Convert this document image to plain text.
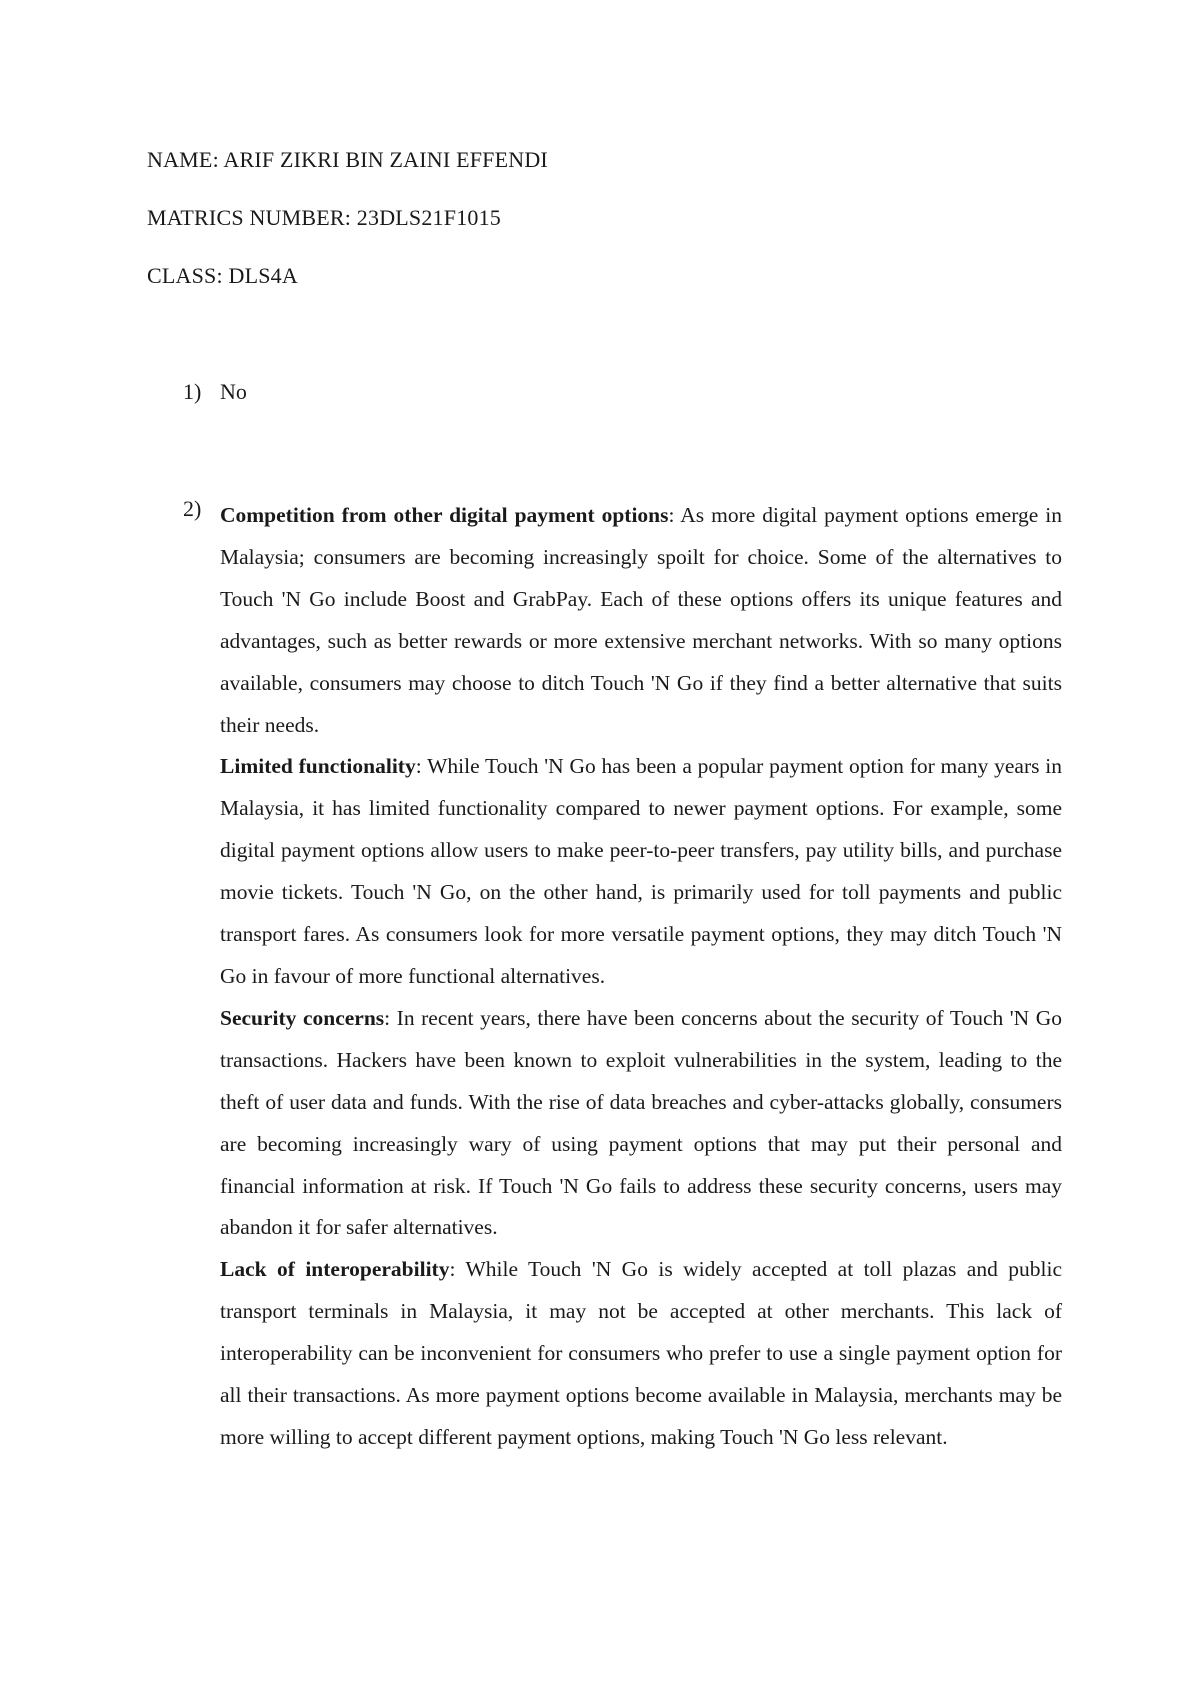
NAME: ARIF ZIKRI BIN ZAINI EFFENDI
MATRICS NUMBER: 23DLS21F1015
CLASS: DLS4A
1) No
2) Competition from other digital payment options: As more digital payment options emerge in Malaysia; consumers are becoming increasingly spoilt for choice. Some of the alternatives to Touch 'N Go include Boost and GrabPay. Each of these options offers its unique features and advantages, such as better rewards or more extensive merchant networks. With so many options available, consumers may choose to ditch Touch 'N Go if they find a better alternative that suits their needs.

Limited functionality: While Touch 'N Go has been a popular payment option for many years in Malaysia, it has limited functionality compared to newer payment options. For example, some digital payment options allow users to make peer-to-peer transfers, pay utility bills, and purchase movie tickets. Touch 'N Go, on the other hand, is primarily used for toll payments and public transport fares. As consumers look for more versatile payment options, they may ditch Touch 'N Go in favour of more functional alternatives.

Security concerns: In recent years, there have been concerns about the security of Touch 'N Go transactions. Hackers have been known to exploit vulnerabilities in the system, leading to the theft of user data and funds. With the rise of data breaches and cyber-attacks globally, consumers are becoming increasingly wary of using payment options that may put their personal and financial information at risk. If Touch 'N Go fails to address these security concerns, users may abandon it for safer alternatives.

Lack of interoperability: While Touch 'N Go is widely accepted at toll plazas and public transport terminals in Malaysia, it may not be accepted at other merchants. This lack of interoperability can be inconvenient for consumers who prefer to use a single payment option for all their transactions. As more payment options become available in Malaysia, merchants may be more willing to accept different payment options, making Touch 'N Go less relevant.
